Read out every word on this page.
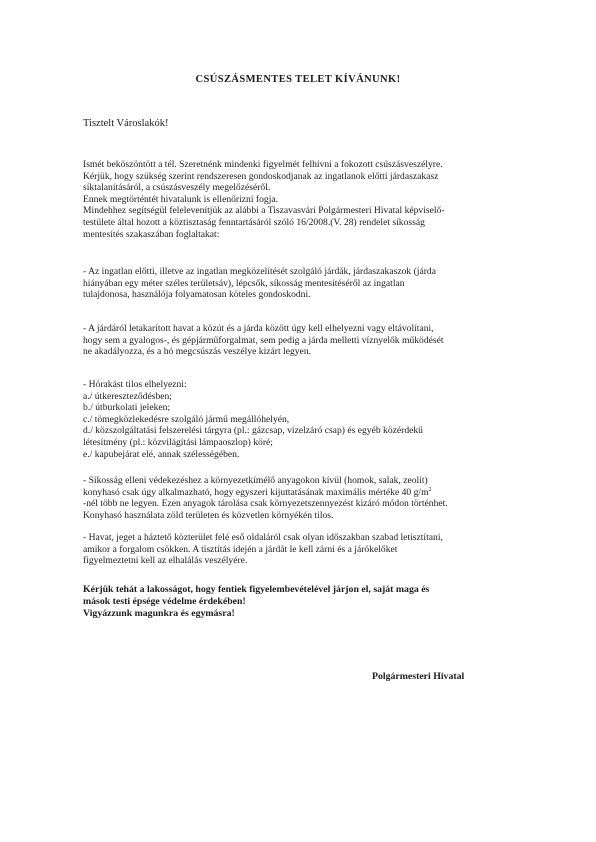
CSÚSZÁSMENTES TELET KÍVÁNUNK!
Tisztelt Városlakók!
Ismét beköszöntött a tél. Szeretnénk mindenki figyelmét felhívni a fokozott csúszásveszélyre.
Kérjük, hogy szükség szerint rendszeresen gondoskodjanak az ingatlanok előtti járdaszakasz
síktalanításáról, a csúszásveszély megelőzéséről.
Ennek megtörténtét hivatalunk is ellenőrizni fogja.
Mindehhez segítségül felelevenítjük az alábbi a Tiszavasvári Polgármesteri Hivatal képviselő-
testülete által hozott a köztisztaság fenntartásáról szóló 16/2008.(V. 28) rendelet síkosság
mentesítés szakaszában foglaltakat:
- Az ingatlan előtti, illetve az ingatlan megközelítését szolgáló járdák, járdaszakaszok (járda
hiányában egy méter széles területsáv), lépcsők, síkosság mentesítéséről az ingatlan
tulajdonosa, használója folyamatosan köteles gondoskodni.
- A járdáról letakarított havat a közút és a járda között úgy kell elhelyezni vagy eltávolítani,
hogy sem a gyalogos-, és gépjárműforgalmat, sem pedig a járda melletti víznyelők működését
ne akadályozza, és a hó megcsúszás veszélye kizárt legyen.
- Hórakást tilos elhelyezni:
a./ útkereszteződésben;
b./ útburkolati jeleken;
c./ tömegközlekedésre szolgáló jármű megállóhelyén,
d./ közszolgáltatási felszerelési tárgyra (pl.: gázcsap, vízelzáró csap) és egyéb közérdekű
létesítmény (pl.: közvilágítási lámpaoszlop) köré;
e./ kapubejárat elé, annak szélességében.
- Síkosság elleni védekezéshez a környezetkímélő anyagokon kívül (homok, salak, zeolit)
konyhasó csak úgy alkalmazható, hogy egyszeri kijuttatásának maximális mértéke 40 $g/m^2$
-nél több ne legyen. Ezen anyagok tárolása csak környezetszennyezést kizáró módon történhet.
Konyhasó használata zöld területen és közvetlen környékén tilos.
- Havat, jeget a háztető közterület felé eső oldaláról csak olyan időszakban szabad letisztítani,
amikor a forgalom csökken. A tisztítás idején a járdát le kell zárni és a járókelőket
figyelmeztetni kell az elhalálás veszélyére.
Kérjük tehát a lakosságot, hogy fentiek figyelembevételével járjon el, saját maga és
mások testi épsége védelme érdekében!
Vigyázzunk magunkra és egymásra!
Polgármesteri Hivatal
